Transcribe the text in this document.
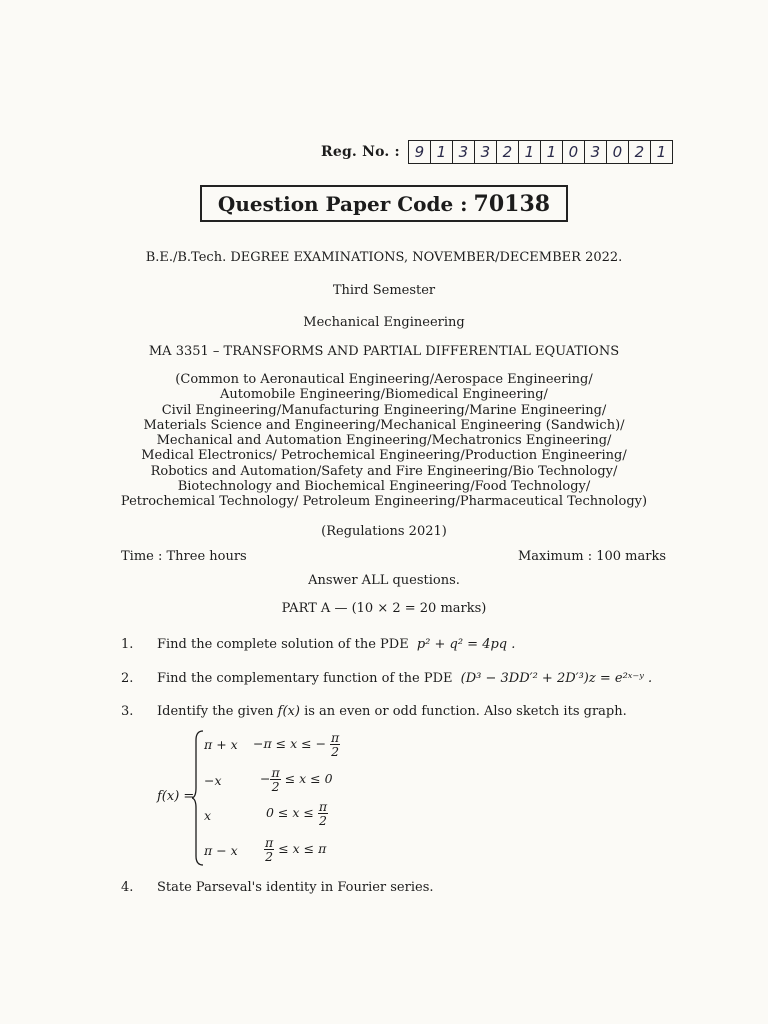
Reg. No. : 9 1 3 3 2 1 1 0 3 0 2 1
Question Paper Code : 70138
B.E./B.Tech. DEGREE EXAMINATIONS, NOVEMBER/DECEMBER 2022.
Third Semester
Mechanical Engineering
MA 3351 – TRANSFORMS AND PARTIAL DIFFERENTIAL EQUATIONS
(Common to Aeronautical Engineering/Aerospace Engineering/
Automobile Engineering/Biomedical Engineering/
Civil Engineering/Manufacturing Engineering/Marine Engineering/
Materials Science and Engineering/Mechanical Engineering (Sandwich)/
Mechanical and Automation Engineering/Mechatronics Engineering/
Medical Electronics/ Petrochemical Engineering/Production Engineering/
Robotics and Automation/Safety and Fire Engineering/Bio Technology/
Biotechnology and Biochemical Engineering/Food Technology/
Petrochemical Technology/ Petroleum Engineering/Pharmaceutical Technology)
(Regulations 2021)
Time : Three hours	Maximum : 100 marks
Answer ALL questions.
PART A — (10 × 2 = 20 marks)
1.	Find the complete solution of the PDE p² + q² = 4pq .
2.	Find the complementary function of the PDE (D³ − 3DD′² + 2D′³)z = e²ˣ⁻ʸ .
3.	Identify the given f(x) is an even or odd function. Also sketch its graph.
f(x) =
π + x −π ≤ x ≤ − $\frac{\pi}{2}$
−x	− $\frac{\pi}{2} \le x \le 0$
x	$0 \le x \le \frac{\pi}{2}$
π − x $\frac{\pi}{2} \le x \le \pi$
4.	State Parseval's identity in Fourier series.
